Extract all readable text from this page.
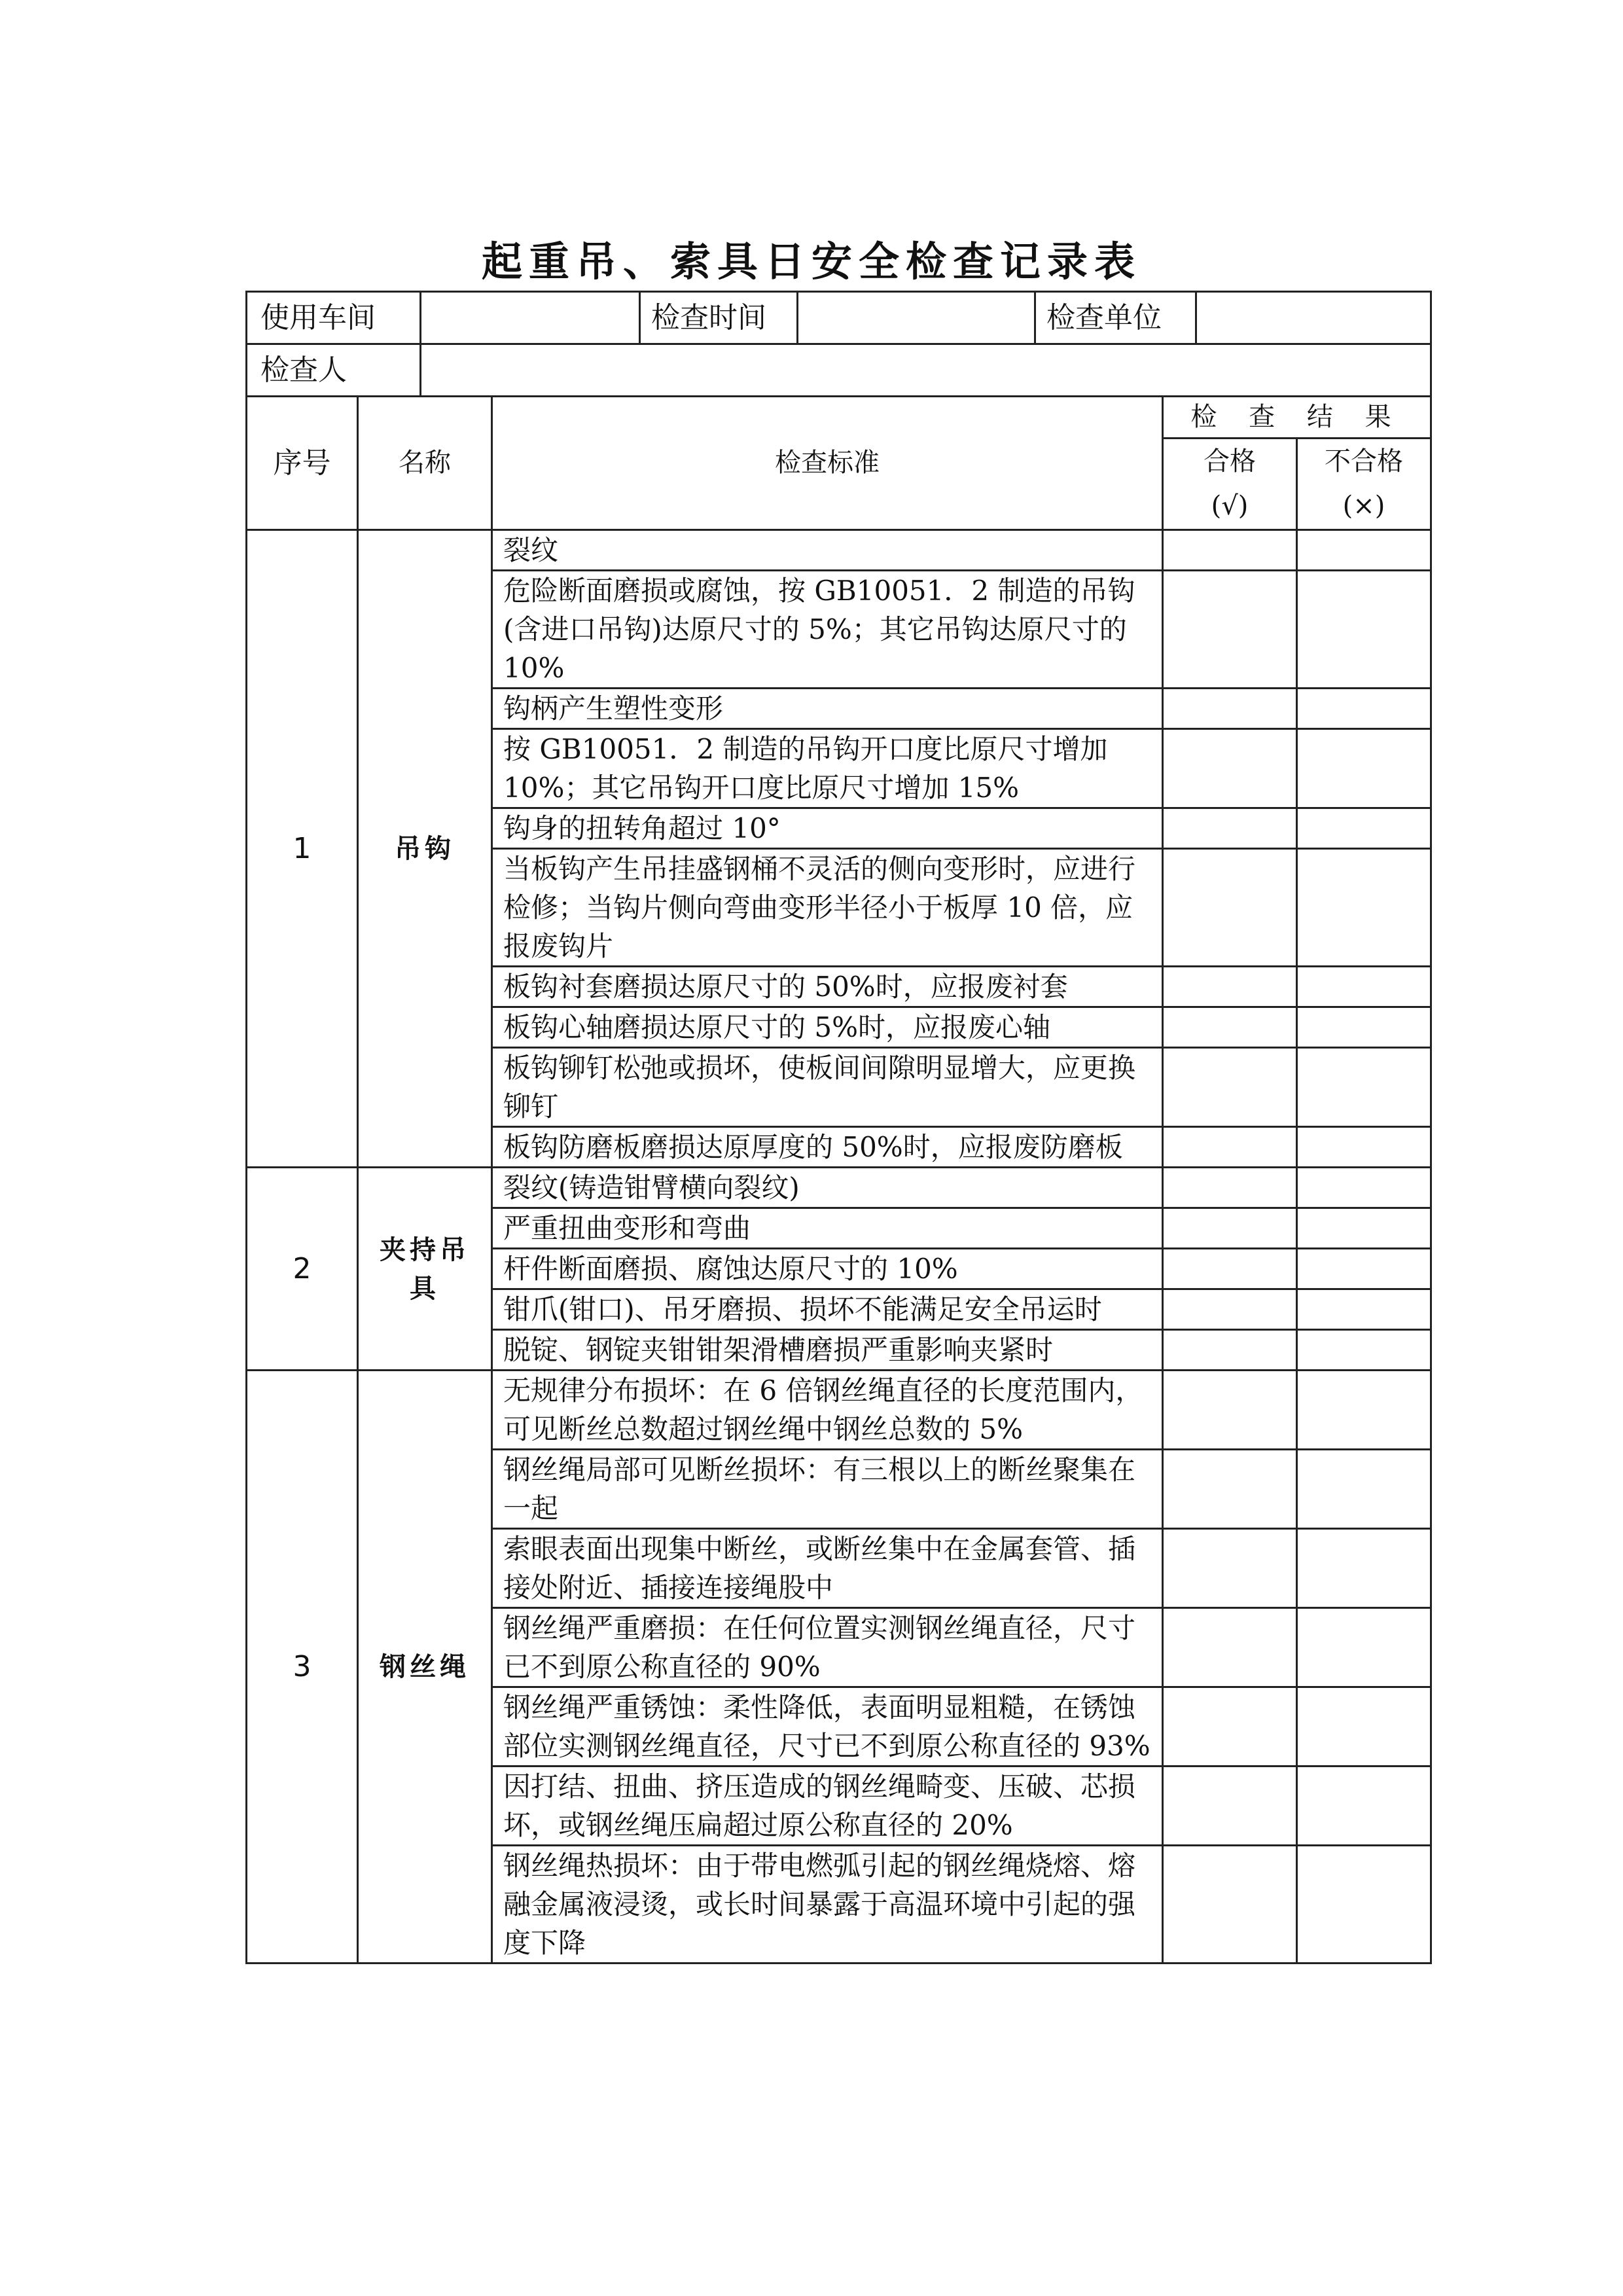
起重吊、索具日安全检查记录表
使用车间 检查时间 检查单位				

检查人				

序号	名称	检查标准	检 查 结 果	
			合格	不合格
			(√)	(×)
1	吊钩	裂纹		
		危险断面磨损或腐蚀，按 GB10051．2 制造的吊钩(含进口吊钩)达原尺寸的 5%；其它吊钩达原尺寸的 10%		
		钩柄产生塑性变形		
		按 GB10051．2 制造的吊钩开口度比原尺寸增加 10%；其它吊钩开口度比原尺寸增加 15%		
		钩身的扭转角超过 10°		
		当板钩产生吊挂盛钢桶不灵活的侧向变形时，应进行检修；当钩片侧向弯曲变形半径小于板厚 10 倍，应报废钩片		
		板钩衬套磨损达原尺寸的 50%时，应报废衬套		
		板钩心轴磨损达原尺寸的 5%时，应报废心轴		
		板钩铆钉松弛或损坏，使板间间隙明显增大，应更换铆钉		
		板钩防磨板磨损达原厚度的 50%时，应报废防磨板		
2	夹持吊具	裂纹(铸造钳臂横向裂纹)		
		严重扭曲变形和弯曲		
		杆件断面磨损、腐蚀达原尺寸的 10%		
		钳爪(钳口)、吊牙磨损、损坏不能满足安全吊运时		
		脱锭、钢锭夹钳钳架滑槽磨损严重影响夹紧时		
3	钢丝绳	无规律分布损坏：在 6 倍钢丝绳直径的长度范围内，可见断丝总数超过钢丝绳中钢丝总数的 5%		
		钢丝绳局部可见断丝损坏：有三根以上的断丝聚集在一起		
		索眼表面出现集中断丝，或断丝集中在金属套管、插接处附近、插接连接绳股中		
		钢丝绳严重磨损：在任何位置实测钢丝绳直径，尺寸已不到原公称直径的 90%		
		钢丝绳严重锈蚀：柔性降低，表面明显粗糙，在锈蚀部位实测钢丝绳直径，尺寸已不到原公称直径的 93%		
		因打结、扭曲、挤压造成的钢丝绳畸变、压破、芯损坏，或钢丝绳压扁超过原公称直径的 20%		
		钢丝绳热损坏：由于带电燃弧引起的钢丝绳烧熔、熔融金属液浸烫，或长时间暴露于高温环境中引起的强度下降		
